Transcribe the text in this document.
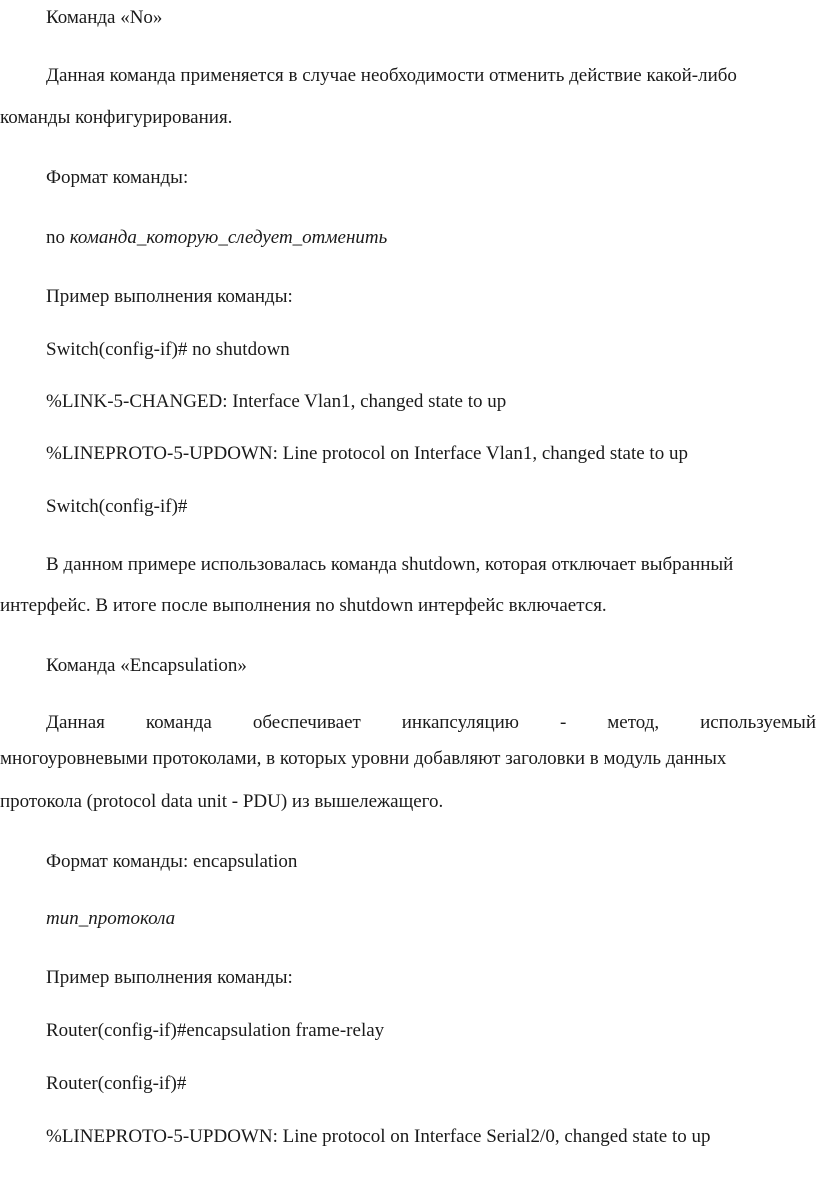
Команда «No»
Данная команда применяется в случае необходимости отменить действие какой-либо
команды конфигурирования.
Формат команды:
no команда_которую_следует_отменить
Пример выполнения команды:
Switch(config-if)# no shutdown
%LINK-5-CHANGED: Interface Vlan1, changed state to up
%LINEPROTO-5-UPDOWN: Line protocol on Interface Vlan1, changed state to up
Switch(config-if)#
В данном примере использовалась команда shutdown, которая отключает выбранный
интерфейс. В итоге после выполнения no shutdown интерфейс включается.
Команда «Encapsulation»
Данная команда обеспечивает инкапсуляцию - метод, используемый
многоуровневыми протоколами, в которых уровни добавляют заголовки в модуль данных
протокола (protocol data unit - PDU) из вышележащего.
Формат команды: encapsulation
тип_протокола
Пример выполнения команды:
Router(config-if)#encapsulation frame-relay
Router(config-if)#
%LINEPROTO-5-UPDOWN: Line protocol on Interface Serial2/0, changed state to up
